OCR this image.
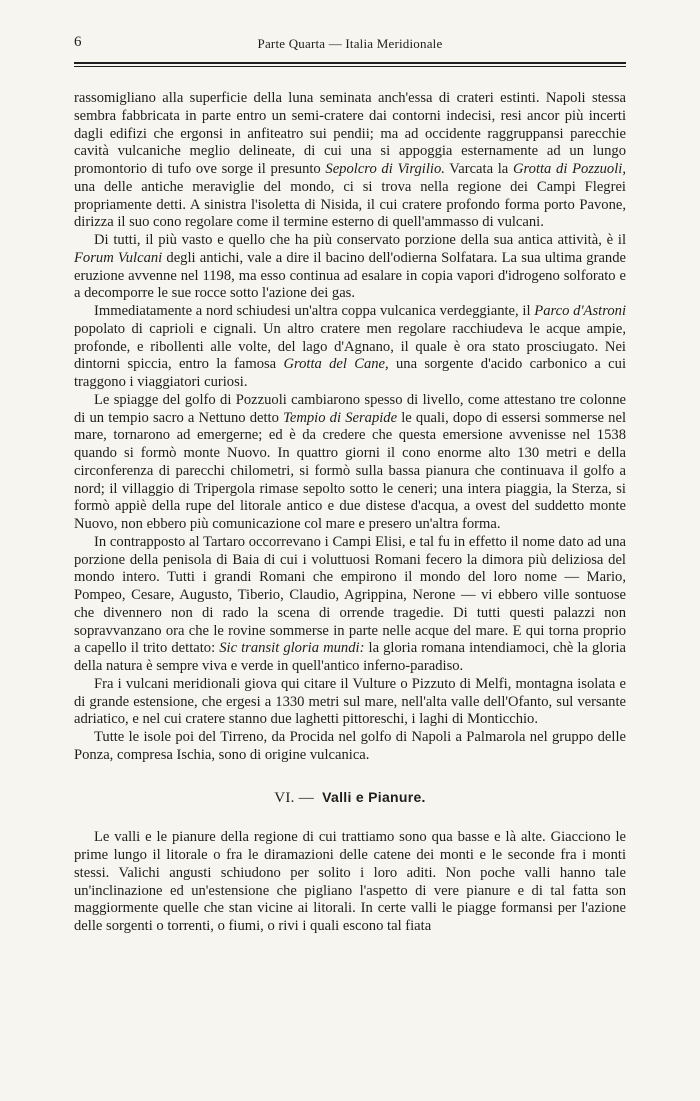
6	Parte Quarta — Italia Meridionale

rassomigliano alla superficie della luna seminata anch'essa di crateri estinti. Napoli stessa sembra fabbricata in parte entro un semi-cratere dai contorni indecisi, resi ancor più incerti dagli edifizi che ergonsi in anfiteatro sui pendii; ma ad occidente raggruppansi parecchie cavità vulcaniche meglio delineate, di cui una si appoggia esternamente ad un lungo promontorio di tufo ove sorge il presunto Sepolcro di Virgilio. Varcata la Grotta di Pozzuoli, una delle antiche meraviglie del mondo, ci si trova nella regione dei Campi Flegrei propriamente detti. A sinistra l'isoletta di Nisida, il cui cratere profondo forma porto Pavone, dirizza il suo cono regolare come il termine esterno di quell'ammasso di vulcani.

Di tutti, il più vasto e quello che ha più conservato porzione della sua antica attività, è il Forum Vulcani degli antichi, vale a dire il bacino dell'odierna Solfatara. La sua ultima grande eruzione avvenne nel 1198, ma esso continua ad esalare in copia vapori d'idrogeno solforato e a decomporre le sue rocce sotto l'azione dei gas.

Immediatamente a nord schiudesi un'altra coppa vulcanica verdeggiante, il Parco d'Astroni popolato di caprioli e cignali. Un altro cratere men regolare racchiudeva le acque ampie, profonde, e ribollenti alle volte, del lago d'Agnano, il quale è ora stato prosciugato. Nei dintorni spiccia, entro la famosa Grotta del Cane, una sorgente d'acido carbonico a cui traggono i viaggiatori curiosi.

Le spiagge del golfo di Pozzuoli cambiarono spesso di livello, come attestano tre colonne di un tempio sacro a Nettuno detto Tempio di Serapide le quali, dopo di essersi sommerse nel mare, tornarono ad emergerne; ed è da credere che questa emersione avvenisse nel 1538 quando si formò monte Nuovo. In quattro giorni il cono enorme alto 130 metri e della circonferenza di parecchi chilometri, si formò sulla bassa pianura che continuava il golfo a nord; il villaggio di Tripergola rimase sepolto sotto le ceneri; una intera piaggia, la Sterza, si formò appiè della rupe del litorale antico e due distese d'acqua, a ovest del suddetto monte Nuovo, non ebbero più comunicazione col mare e presero un'altra forma.

In contrapposto al Tartaro occorrevano i Campi Elisi, e tal fu in effetto il nome dato ad una porzione della penisola di Baia di cui i voluttuosi Romani fecero la dimora più deliziosa del mondo intero. Tutti i grandi Romani che empirono il mondo del loro nome — Mario, Pompeo, Cesare, Augusto, Tiberio, Claudio, Agrippina, Nerone — vi ebbero ville sontuose che divennero non di rado la scena di orrende tragedie. Di tutti questi palazzi non sopravvanzano ora che le rovine sommerse in parte nelle acque del mare. E qui torna proprio a capello il trito dettato: Sic transit gloria mundi: la gloria romana intendiamoci, chè la gloria della natura è sempre viva e verde in quell'antico inferno-paradiso.

Fra i vulcani meridionali giova qui citare il Vulture o Pizzuto di Melfi, montagna isolata e di grande estensione, che ergesi a 1330 metri sul mare, nell'alta valle dell'Ofanto, sul versante adriatico, e nel cui cratere stanno due laghetti pittoreschi, i laghi di Monticchio.

Tutte le isole poi del Tirreno, da Procida nel golfo di Napoli a Palmarola nel gruppo delle Ponza, compresa Ischia, sono di origine vulcanica.

VI. — Valli e Pianure.

Le valli e le pianure della regione di cui trattiamo sono qua basse e là alte. Giacciono le prime lungo il litorale o fra le diramazioni delle catene dei monti e le seconde fra i monti stessi. Valichi angusti schiudono per solito i loro aditi. Non poche valli hanno tale un'inclinazione ed un'estensione che pigliano l'aspetto di vere pianure e di tal fatta son maggiormente quelle che stan vicine ai litorali. In certe valli le piagge formansi per l'azione delle sorgenti o torrenti, o fiumi, o rivi i quali escono tal fiata
